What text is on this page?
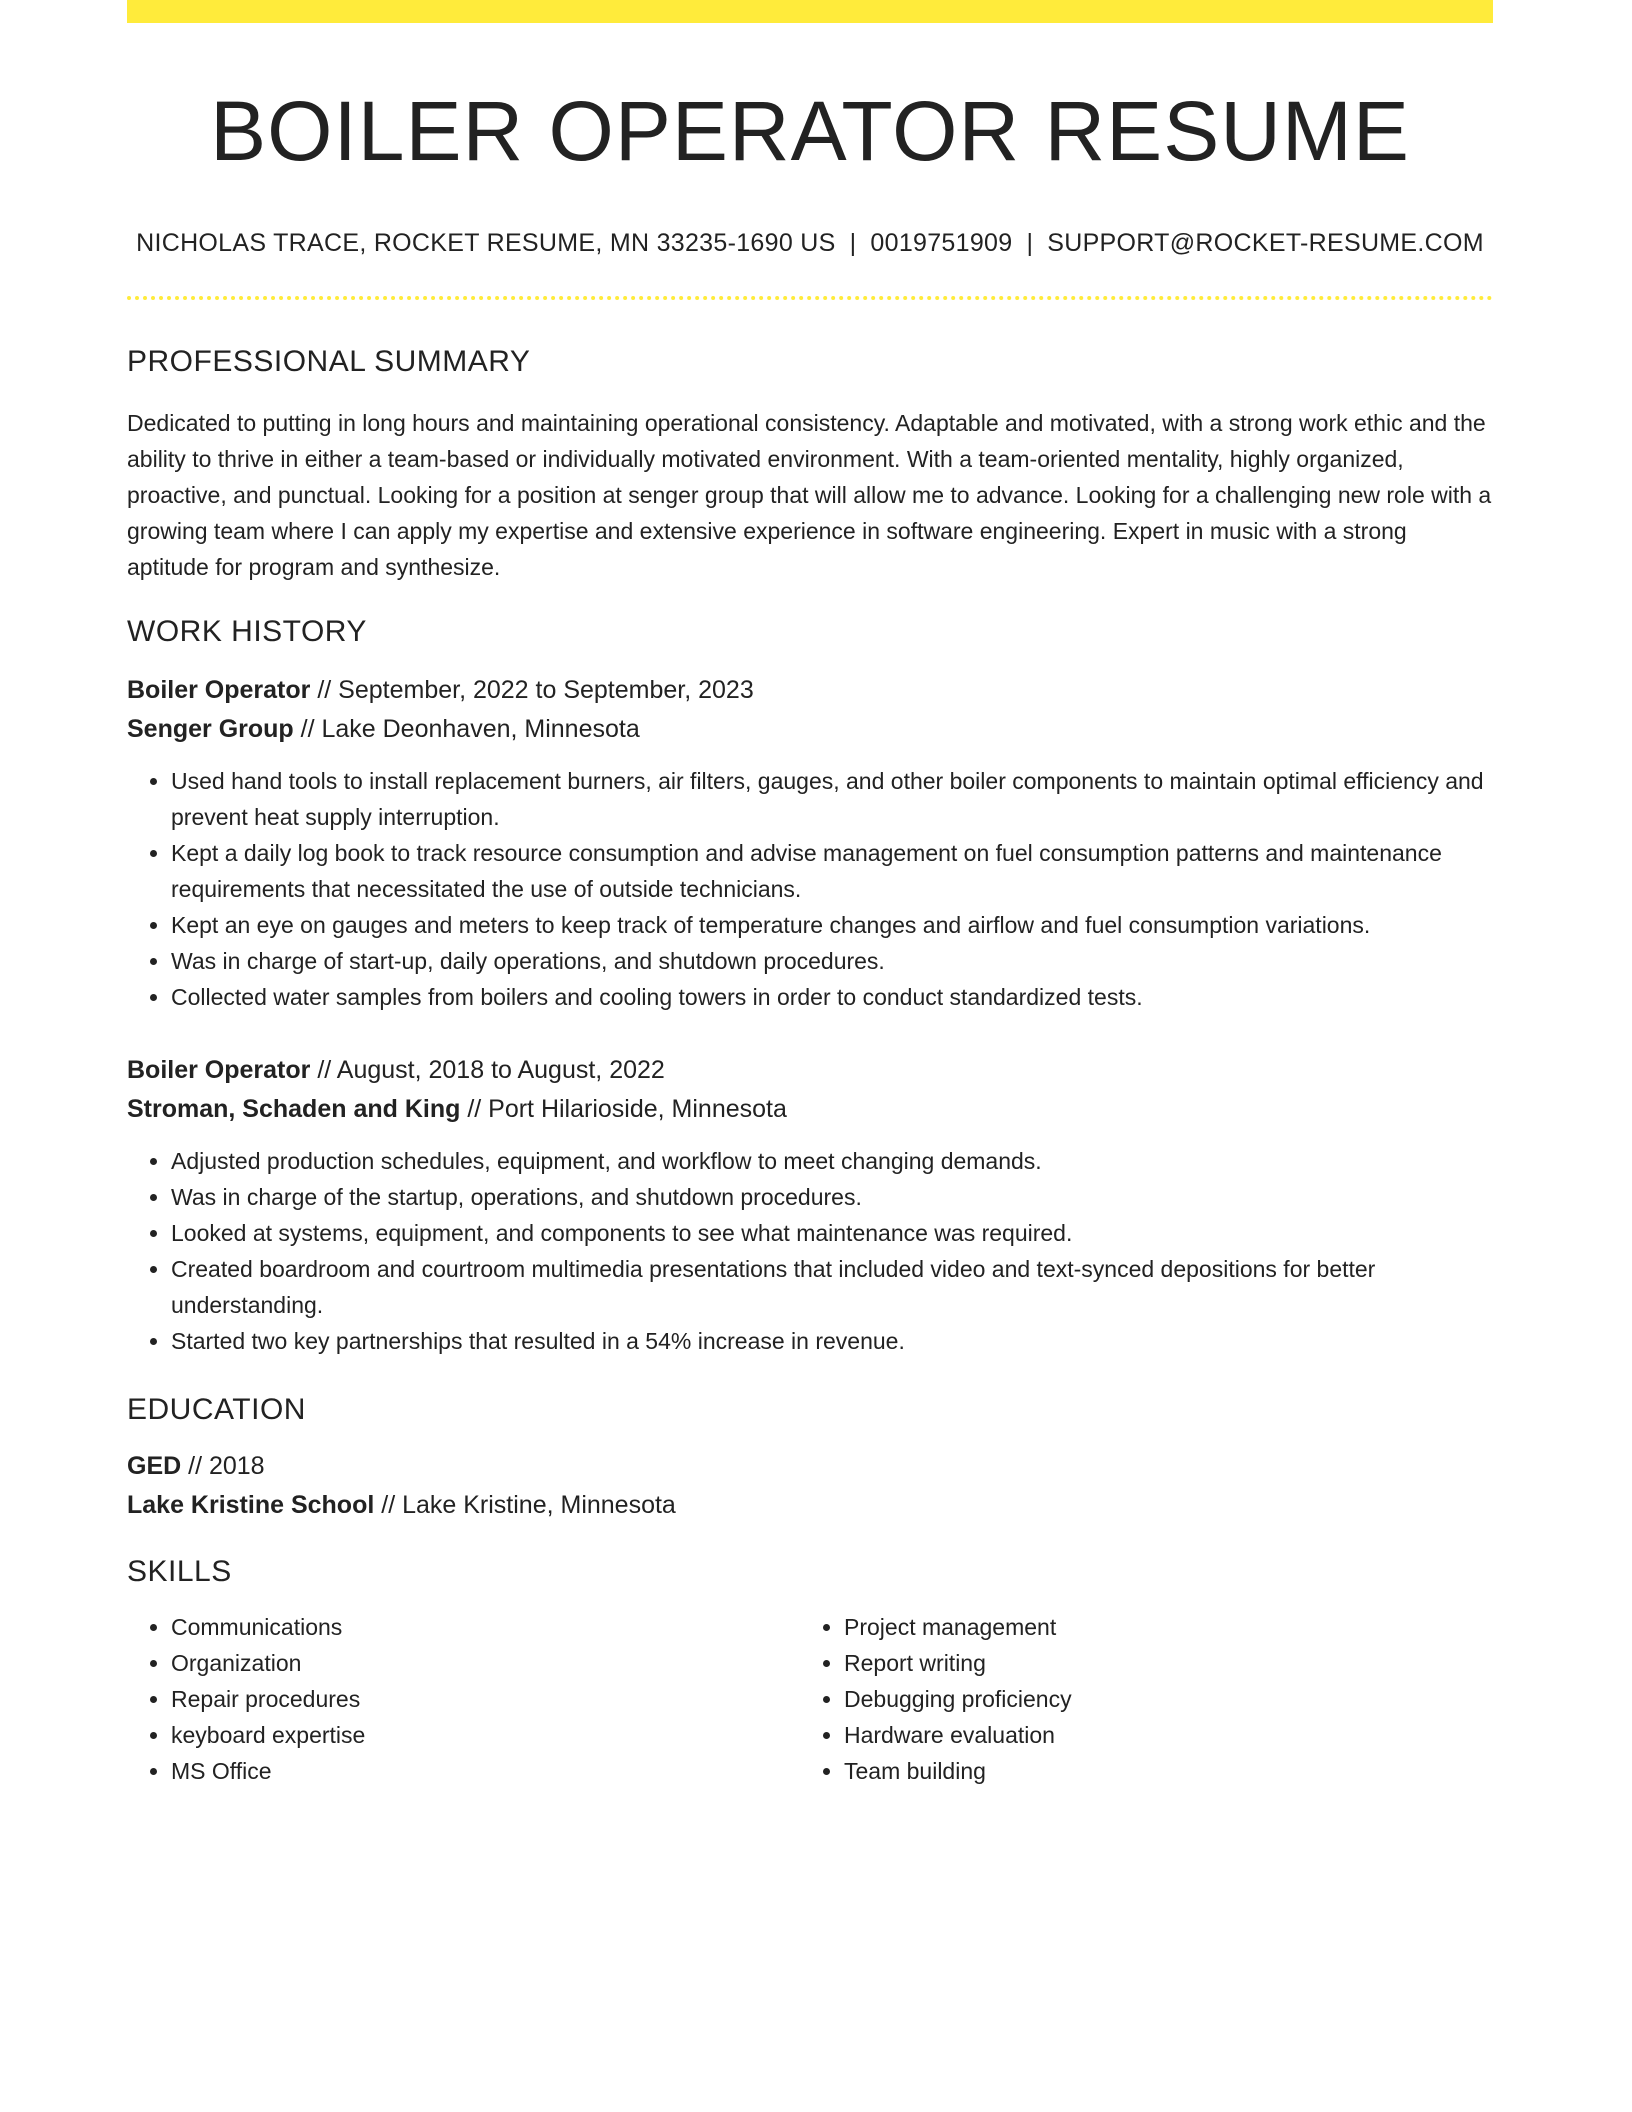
BOILER OPERATOR RESUME
NICHOLAS TRACE, ROCKET RESUME, MN 33235-1690 US | 0019751909 | SUPPORT@ROCKET-RESUME.COM
PROFESSIONAL SUMMARY

Dedicated to putting in long hours and maintaining operational consistency. Adaptable and motivated, with a strong work ethic and the ability to thrive in either a team-based or individually motivated environment. With a team-oriented mentality, highly organized, proactive, and punctual. Looking for a position at senger group that will allow me to advance. Looking for a challenging new role with a growing team where I can apply my expertise and extensive experience in software engineering. Expert in music with a strong aptitude for program and synthesize.

WORK HISTORY
Boiler Operator // September, 2022 to September, 2023
Senger Group // Lake Deonhaven, Minnesota
• Used hand tools to install replacement burners, air filters, gauges, and other boiler components to maintain optimal efficiency and prevent heat supply interruption.
• Kept a daily log book to track resource consumption and advise management on fuel consumption patterns and maintenance requirements that necessitated the use of outside technicians.
• Kept an eye on gauges and meters to keep track of temperature changes and airflow and fuel consumption variations.
• Was in charge of start-up, daily operations, and shutdown procedures.
• Collected water samples from boilers and cooling towers in order to conduct standardized tests.
Boiler Operator // August, 2018 to August, 2022
Stroman, Schaden and King // Port Hilarioside, Minnesota
• Adjusted production schedules, equipment, and workflow to meet changing demands.
• Was in charge of the startup, operations, and shutdown procedures.
• Looked at systems, equipment, and components to see what maintenance was required.
• Created boardroom and courtroom multimedia presentations that included video and text-synced depositions for better understanding.
• Started two key partnerships that resulted in a 54% increase in revenue.
EDUCATION
GED // 2018
Lake Kristine School // Lake Kristine, Minnesota
SKILLS
• Communications
• Organization
• Repair procedures
• keyboard expertise
• MS Office
• Project management
• Report writing
• Debugging proficiency
• Hardware evaluation
• Team building
